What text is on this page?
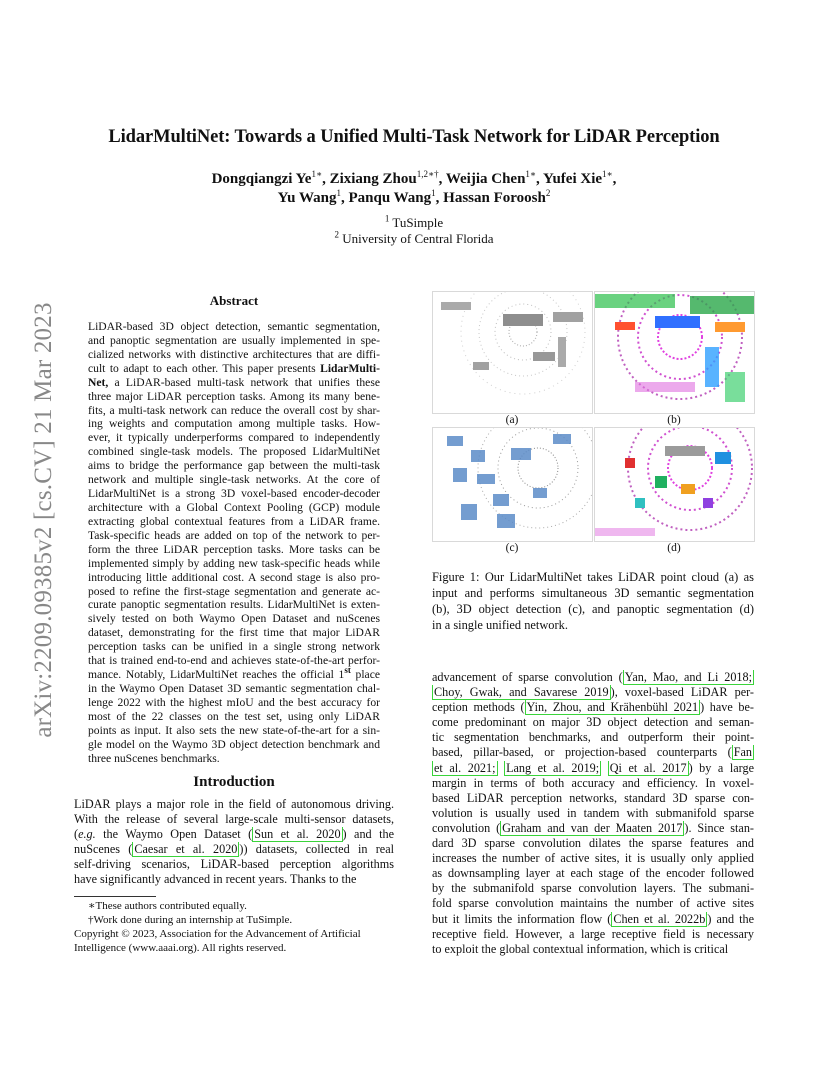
arXiv:2209.09385v2 [cs.CV] 21 Mar 2023
LidarMultiNet: Towards a Unified Multi-Task Network for LiDAR Perception
Dongqiangzi $Ye^{1∗}$, Zixiang Zhou$^{1,2∗\dagger}$, Weijia Chen$^{1∗}$, Yufei Xie$^{1∗}$,
Yu Wang$^1$, Panqu Wang$^1$, Hassan Foroosh$^2$
$^1$ TuSimple
$^2$ University of Central Florida
Abstract
LiDAR-based 3D object detection, semantic segmentation,
and panoptic segmentation are usually implemented in spe-
cialized networks with distinctive architectures that are diffi-
cult to adapt to each other. This paper presents LidarMulti-
Net, a LiDAR-based multi-task network that unifies these
three major LiDAR perception tasks. Among its many bene-
fits, a multi-task network can reduce the overall cost by shar-
ing weights and computation among multiple tasks. How-
ever, it typically underperforms compared to independently
combined single-task models. The proposed LidarMultiNet
aims to bridge the performance gap between the multi-task
network and multiple single-task networks. At the core of
LidarMultiNet is a strong 3D voxel-based encoder-decoder
architecture with a Global Context Pooling (GCP) module
extracting global contextual features from a LiDAR frame.
Task-specific heads are added on top of the network to per-
form the three LiDAR perception tasks. More tasks can be
implemented simply by adding new task-specific heads while
introducing little additional cost. A second stage is also pro-
posed to refine the first-stage segmentation and generate ac-
curate panoptic segmentation results. LidarMultiNet is exten-
sively tested on both Waymo Open Dataset and nuScenes
dataset, demonstrating for the first time that major LiDAR
perception tasks can be unified in a single strong network
that is trained end-to-end and achieves state-of-the-art perfor-
mance. Notably, LidarMultiNet reaches the official 1st place
in the Waymo Open Dataset 3D semantic segmentation chal-
lenge 2022 with the highest mIoU and the best accuracy for
most of the 22 classes on the test set, using only LiDAR
points as input. It also sets the new state-of-the-art for a sin-
gle model on the Waymo 3D object detection benchmark and
three nuScenes benchmarks.
Introduction
LiDAR plays a major role in the field of autonomous driving.
With the release of several large-scale multi-sensor datasets,
(e.g. the Waymo Open Dataset ( Sun et al. 2020 ) and the
nuScenes ( Caesar et al. 2020 )) datasets, collected in real
self-driving scenarios, LiDAR-based perception algorithms
have significantly advanced in recent years. Thanks to the
∗These authors contributed equally.
†Work done during an internship at TuSimple.
Copyright © 2023, Association for the Advancement of Artificial
Intelligence (www.aaai.org). All rights reserved.
(a)	(b)
(c)	(d)
Figure 1: Our LidarMultiNet takes LiDAR point cloud (a) as
input and performs simultaneous 3D semantic segmentation
(b), 3D object detection (c), and panoptic segmentation (d)
in a single unified network.
advancement of sparse convolution ( Yan, Mao, and Li 2018;
Choy, Gwak, and Savarese 2019 ), voxel-based LiDAR per-
ception methods ( Yin, Zhou, and Krähenbühl 2021 ) have be-
come predominant on major 3D object detection and seman-
tic segmentation benchmarks, and outperform their point-
based, pillar-based, or projection-based counterparts ( Fan
et al. 2021; Lang et al. 2019; Qi et al. 2017 ) by a large
margin in terms of both accuracy and efficiency. In voxel-
based LiDAR perception networks, standard 3D sparse con-
volution is usually used in tandem with submanifold sparse
convolution ( Graham and van der Maaten 2017 ). Since stan-
dard 3D sparse convolution dilates the sparse features and
increases the number of active sites, it is usually only applied
as downsampling layer at each stage of the encoder followed
by the submanifold sparse convolution layers. The submani-
fold sparse convolution maintains the number of active sites
but it limits the information flow ( Chen et al. 2022b ) and the
receptive field. However, a large receptive field is necessary
to exploit the global contextual information, which is critical
